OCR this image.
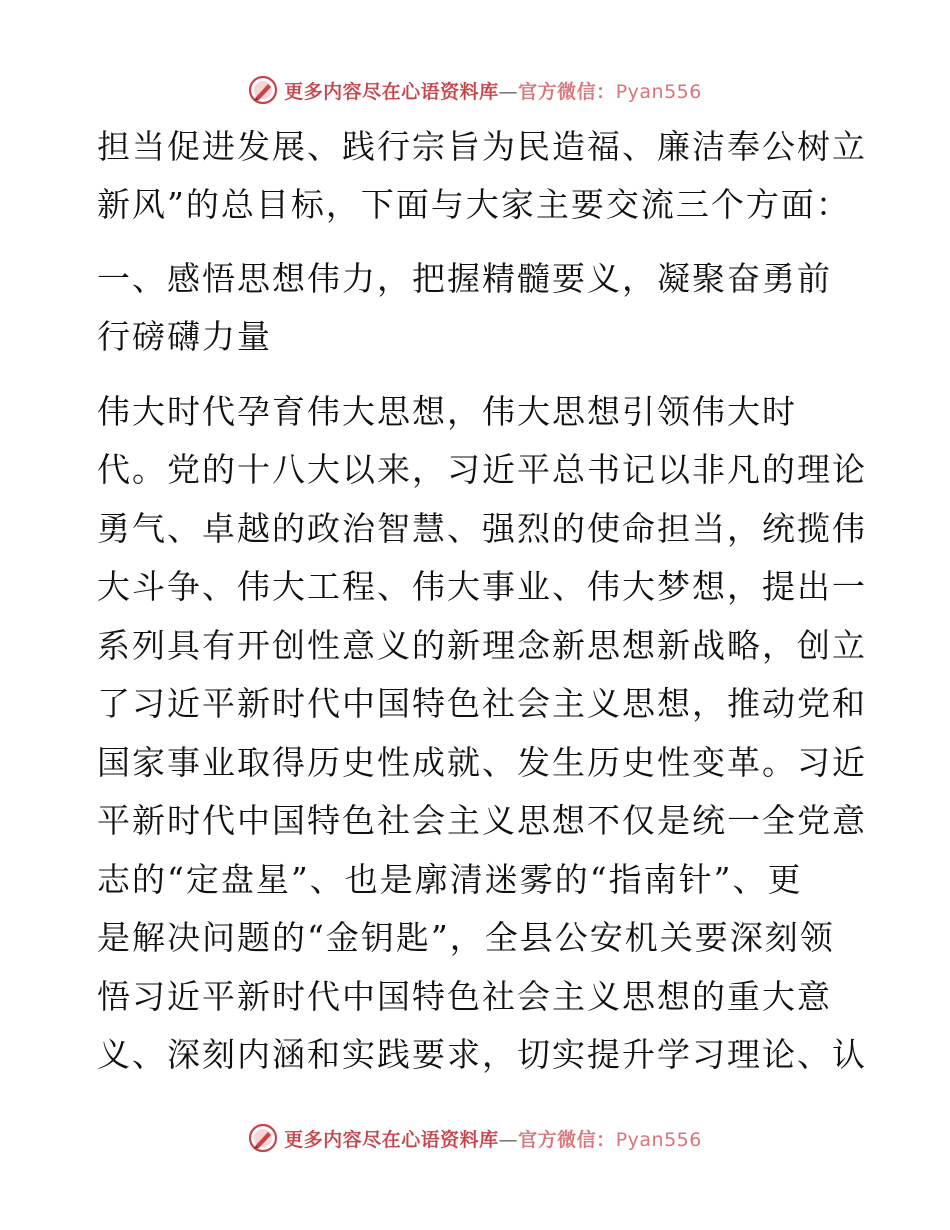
更多内容尽在心语资料库—官方微信：Pyan556
担当促进发展、践行宗旨为民造福、廉洁奉公树立
新风”的总目标，下面与大家主要交流三个方面：
一、感悟思想伟力，把握精髓要义，凝聚奋勇前
行磅礴力量
伟大时代孕育伟大思想，伟大思想引领伟大时
代。党的十八大以来，习近平总书记以非凡的理论
勇气、卓越的政治智慧、强烈的使命担当，统揽伟
大斗争、伟大工程、伟大事业、伟大梦想，提出一
系列具有开创性意义的新理念新思想新战略，创立
了习近平新时代中国特色社会主义思想，推动党和
国家事业取得历史性成就、发生历史性变革。习近
平新时代中国特色社会主义思想不仅是统一全党意
志的“定盘星”、也是廓清迷雾的“指南针”、更
是解决问题的“金钥匙”，全县公安机关要深刻领
悟习近平新时代中国特色社会主义思想的重大意
义、深刻内涵和实践要求，切实提升学习理论、认
更多内容尽在心语资料库—官方微信：Pyan556
